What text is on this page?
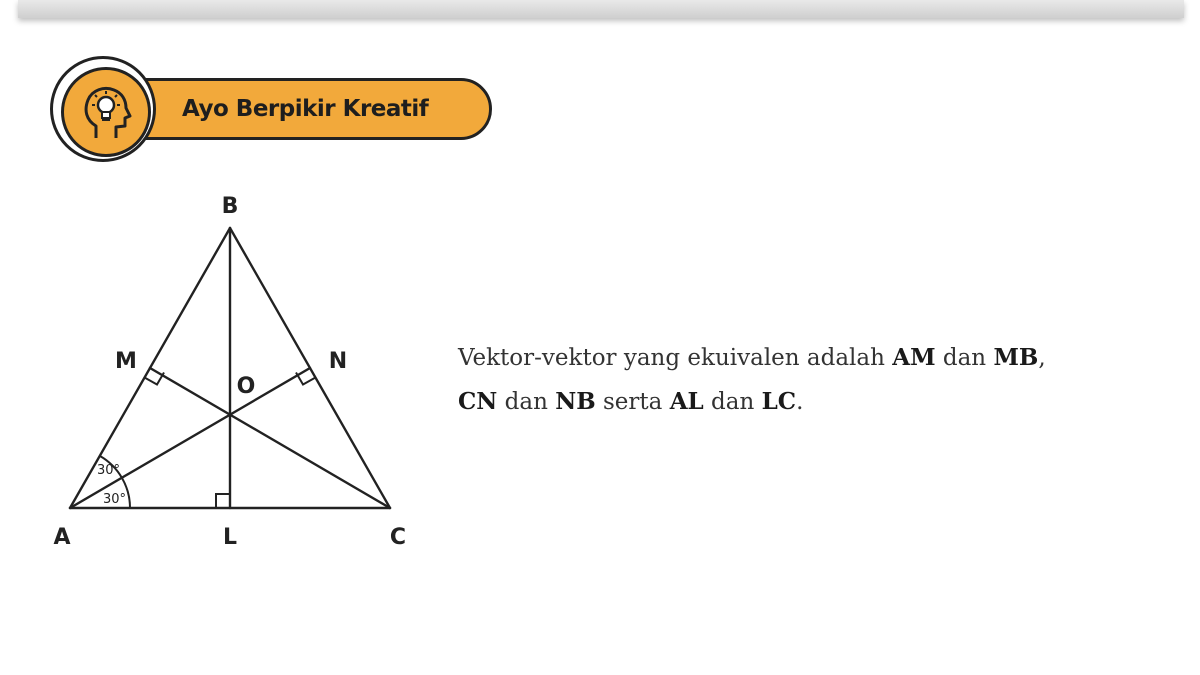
Ayo Berpikir Kreatif
30°
30°
B
M	N
O
A	L	C
Vektor-vektor yang ekuivalen adalah AM dan MB,
CN dan NB serta AL dan LC.
